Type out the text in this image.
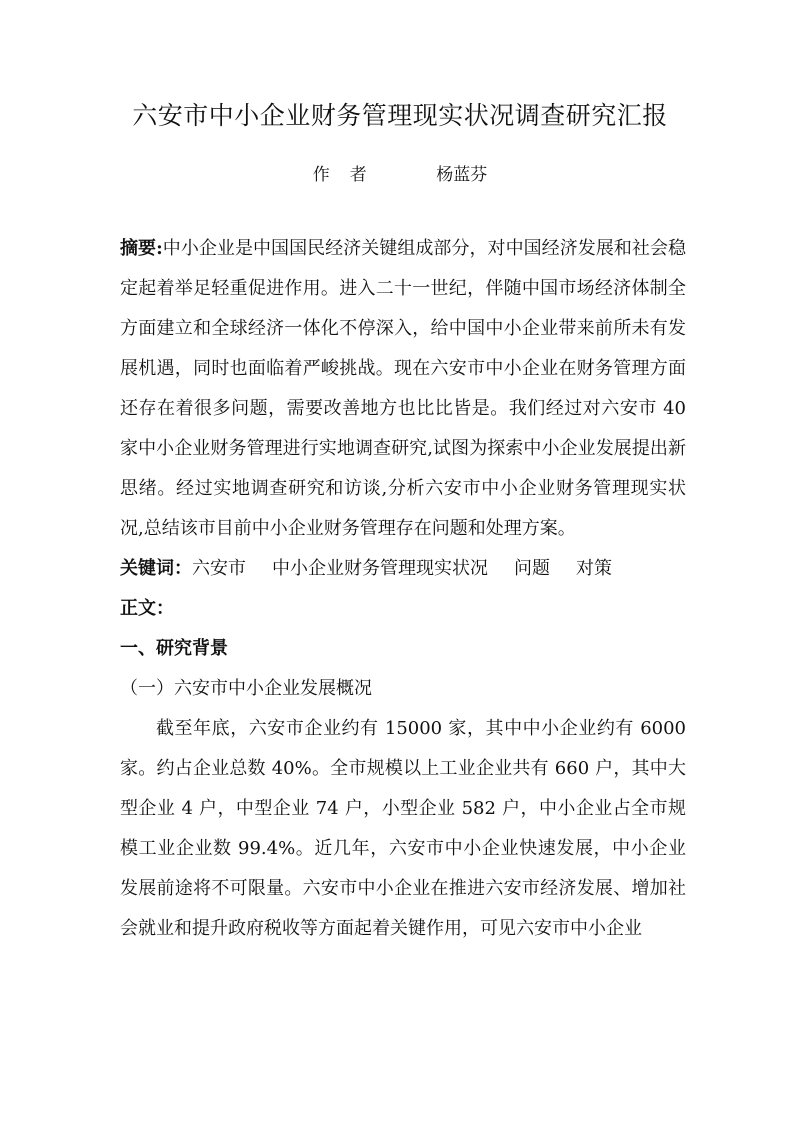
六安市中小企业财务管理现实状况调查研究汇报
作者	杨蓝芬

摘要:中小企业是中国国民经济关键组成部分，对中国经济发展和社会稳定起着举足轻重促进作用。进入二十一世纪，伴随中国市场经济体制全方面建立和全球经济一体化不停深入，给中国中小企业带来前所未有发展机遇，同时也面临着严峻挑战。现在六安市中小企业在财务管理方面还存在着很多问题，需要改善地方也比比皆是。我们经过对六安市 40 家中小企业财务管理进行实地调查研究,试图为探索中小企业发展提出新思绪。经过实地调查研究和访谈,分析六安市中小企业财务管理现实状况,总结该市目前中小企业财务管理存在问题和处理方案。

关键词：六安市 中小企业财务管理现实状况 问题 对策

正文：

一、研究背景

（一）六安市中小企业发展概况

截至年底，六安市企业约有 15000 家，其中中小企业约有 6000 家。约占企业总数 40%。全市规模以上工业企业共有 660 户，其中大型企业 4 户，中型企业 74 户，小型企业 582 户，中小企业占全市规模工业企业数 99.4%。近几年，六安市中小企业快速发展，中小企业发展前途将不可限量。六安市中小企业在推进六安市经济发展、增加社会就业和提升政府税收等方面起着关键作用，可见六安市中小企业
